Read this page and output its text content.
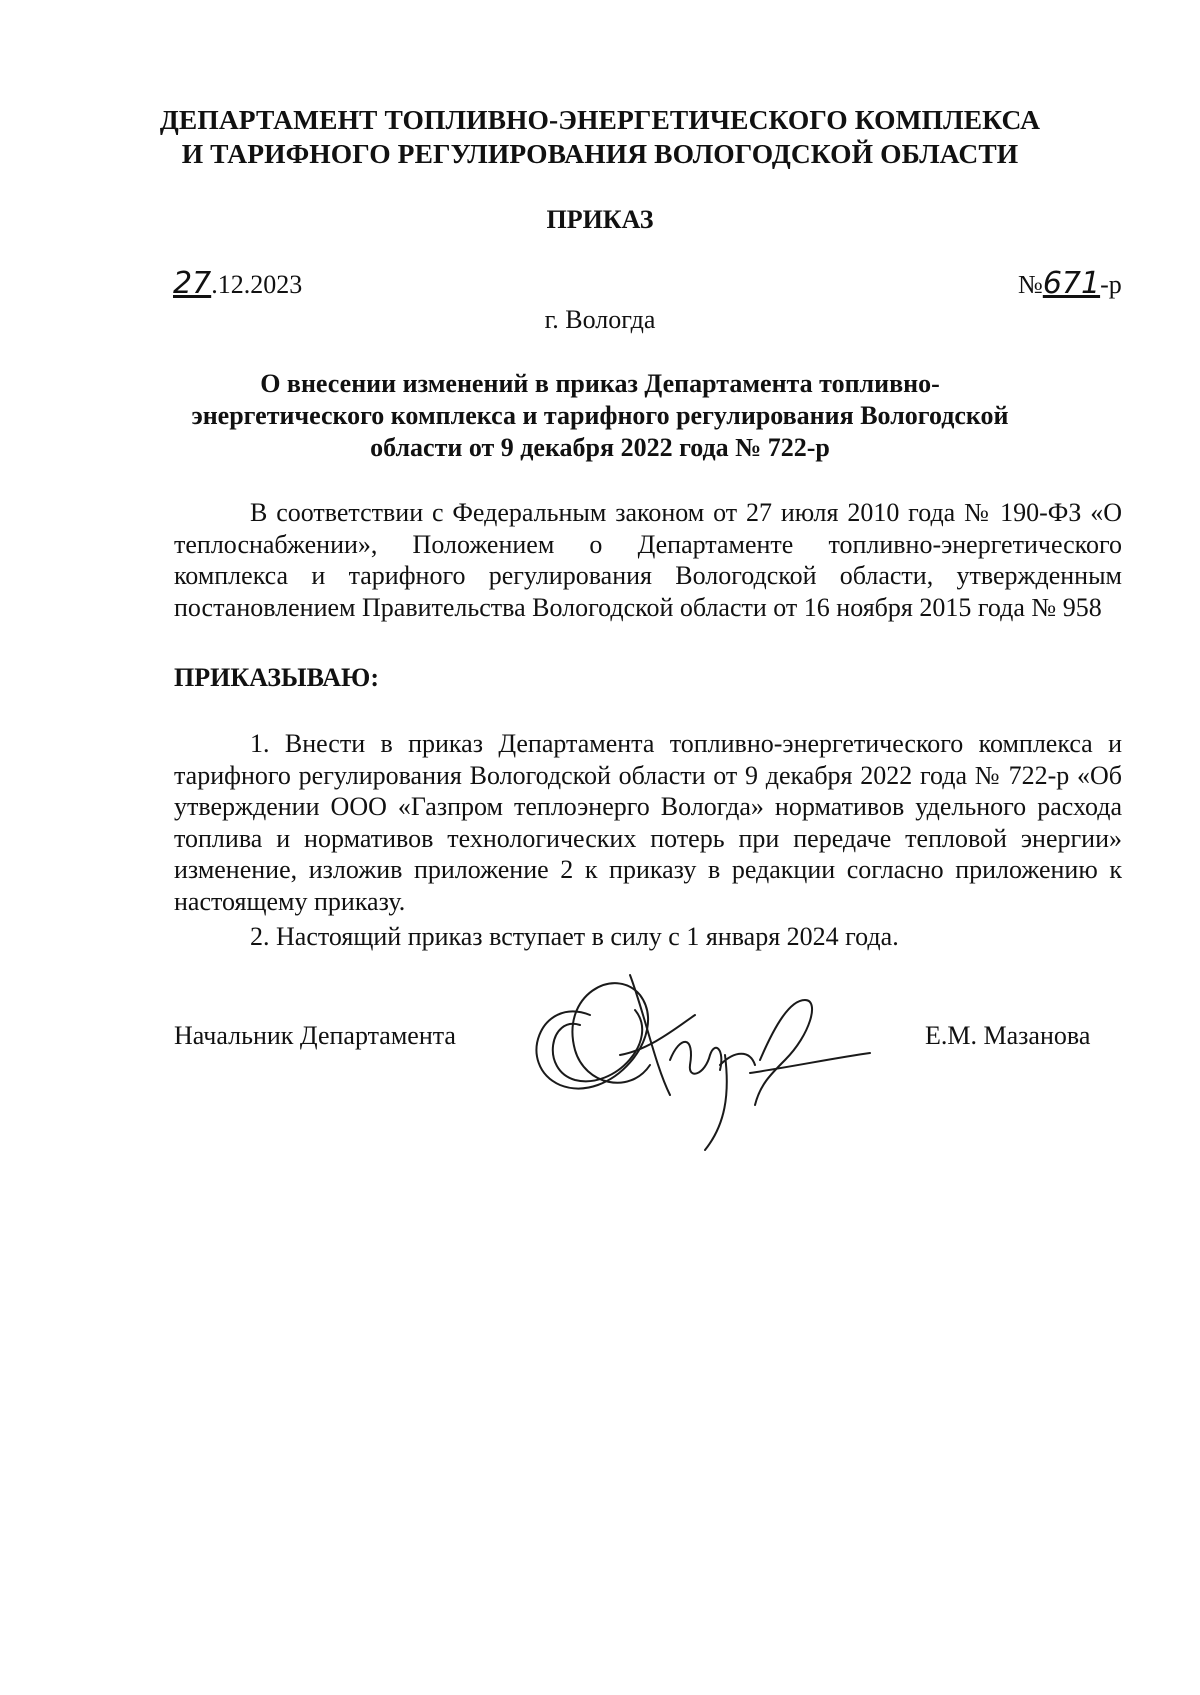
ДЕПАРТАМЕНТ ТОПЛИВНО-ЭНЕРГЕТИЧЕСКОГО КОМПЛЕКСА
И ТАРИФНОГО РЕГУЛИРОВАНИЯ ВОЛОГОДСКОЙ ОБЛАСТИ
ПРИКАЗ
27.12.2023	№671-р
г. Вологда
О внесении изменений в приказ Департамента топливно-
энергетического комплекса и тарифного регулирования Вологодской
области от 9 декабря 2022 года № 722-р
В соответствии с Федеральным законом от 27 июля 2010 года № 190-ФЗ «О теплоснабжении», Положением о Департаменте топливно-энергетического комплекса и тарифного регулирования Вологодской области, утвержденным постановлением Правительства Вологодской области от 16 ноября 2015 года № 958
ПРИКАЗЫВАЮ:
1. Внести в приказ Департамента топливно-энергетического комплекса и тарифного регулирования Вологодской области от 9 декабря 2022 года № 722-р «Об утверждении ООО «Газпром теплоэнерго Вологда» нормативов удельного расхода топлива и нормативов технологических потерь при передаче тепловой энергии» изменение, изложив приложение 2 к приказу в редакции согласно приложению к настоящему приказу.
2. Настоящий приказ вступает в силу с 1 января 2024 года.
Начальник Департамента	Е.М. Мазанова
